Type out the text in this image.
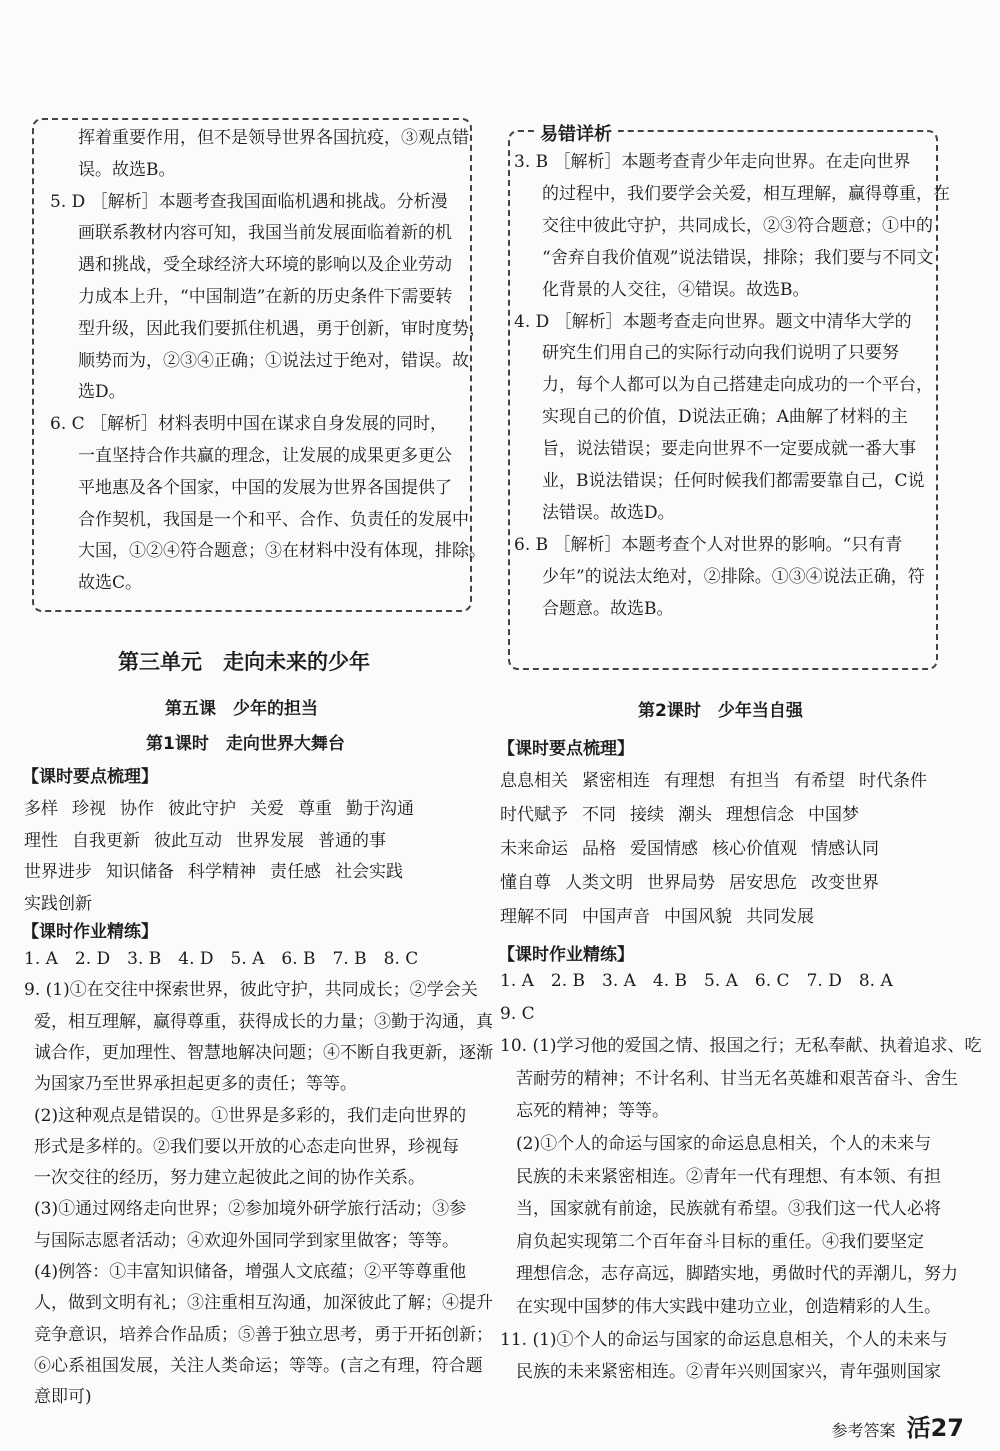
挥着重要作用，但不是领导世界各国抗疫，③观点错
误。故选B。
5. D ［解析］本题考查我国面临机遇和挑战。分析漫
画联系教材内容可知，我国当前发展面临着新的机
遇和挑战，受全球经济大环境的影响以及企业劳动
力成本上升，“中国制造”在新的历史条件下需要转
型升级，因此我们要抓住机遇，勇于创新，审时度势，
顺势而为，②③④正确；①说法过于绝对，错误。故
选D。
6. C ［解析］材料表明中国在谋求自身发展的同时，
一直坚持合作共赢的理念，让发展的成果更多更公
平地惠及各个国家，中国的发展为世界各国提供了
合作契机，我国是一个和平、合作、负责任的发展中
大国，①②④符合题意；③在材料中没有体现，排除。
故选C。
第三单元　走向未来的少年
第五课　少年的担当
第1课时　走向世界大舞台
【课时要点梳理】
多样 珍视 协作 彼此守护 关爱 尊重 勤于沟通
理性 自我更新 彼此互动 世界发展 普通的事
世界进步 知识储备 科学精神 责任感 社会实践
实践创新
【课时作业精练】
1. A　2. D　3. B　4. D　5. A　6. B　7. B　8. C
9. (1)①在交往中探索世界，彼此守护，共同成长；②学会关
爱，相互理解，赢得尊重，获得成长的力量；③勤于沟通，真
诚合作，更加理性、智慧地解决问题；④不断自我更新，逐渐
为国家乃至世界承担起更多的责任；等等。
(2)这种观点是错误的。①世界是多彩的，我们走向世界的
形式是多样的。②我们要以开放的心态走向世界，珍视每
一次交往的经历，努力建立起彼此之间的协作关系。
(3)①通过网络走向世界；②参加境外研学旅行活动；③参
与国际志愿者活动；④欢迎外国同学到家里做客；等等。
(4)例答：①丰富知识储备，增强人文底蕴；②平等尊重他
人，做到文明有礼；③注重相互沟通，加深彼此了解；④提升
竞争意识，培养合作品质；⑤善于独立思考，勇于开拓创新；
⑥心系祖国发展，关注人类命运；等等。(言之有理，符合题
意即可)
易错详析
3. B ［解析］本题考查青少年走向世界。在走向世界
的过程中，我们要学会关爱，相互理解，赢得尊重，在
交往中彼此守护，共同成长，②③符合题意；①中的
“舍弃自我价值观”说法错误，排除；我们要与不同文
化背景的人交往，④错误。故选B。
4. D ［解析］本题考查走向世界。题文中清华大学的
研究生们用自己的实际行动向我们说明了只要努
力，每个人都可以为自己搭建走向成功的一个平台，
实现自己的价值，D说法正确；A曲解了材料的主
旨，说法错误；要走向世界不一定要成就一番大事
业，B说法错误；任何时候我们都需要靠自己，C说
法错误。故选D。
6. B ［解析］本题考查个人对世界的影响。“只有青
少年”的说法太绝对，②排除。①③④说法正确，符
合题意。故选B。
第2课时　少年当自强
【课时要点梳理】
息息相关 紧密相连 有理想 有担当 有希望 时代条件
时代赋予 不同 接续 潮头 理想信念 中国梦
未来命运 品格 爱国情感 核心价值观 情感认同
懂自尊 人类文明 世界局势 居安思危 改变世界
理解不同 中国声音 中国风貌 共同发展
【课时作业精练】
1. A　2. B　3. A　4. B　5. A　6. C　7. D　8. A
9. C
10. (1)学习他的爱国之情、报国之行；无私奉献、执着追求、吃
苦耐劳的精神；不计名利、甘当无名英雄和艰苦奋斗、舍生
忘死的精神；等等。
(2)①个人的命运与国家的命运息息相关，个人的未来与
民族的未来紧密相连。②青年一代有理想、有本领、有担
当，国家就有前途，民族就有希望。③我们这一代人必将
肩负起实现第二个百年奋斗目标的重任。④我们要坚定
理想信念，志存高远，脚踏实地，勇做时代的弄潮儿，努力
在实现中国梦的伟大实践中建功立业，创造精彩的人生。
11. (1)①个人的命运与国家的命运息息相关，个人的未来与
民族的未来紧密相连。②青年兴则国家兴，青年强则国家
参考答案 活27
